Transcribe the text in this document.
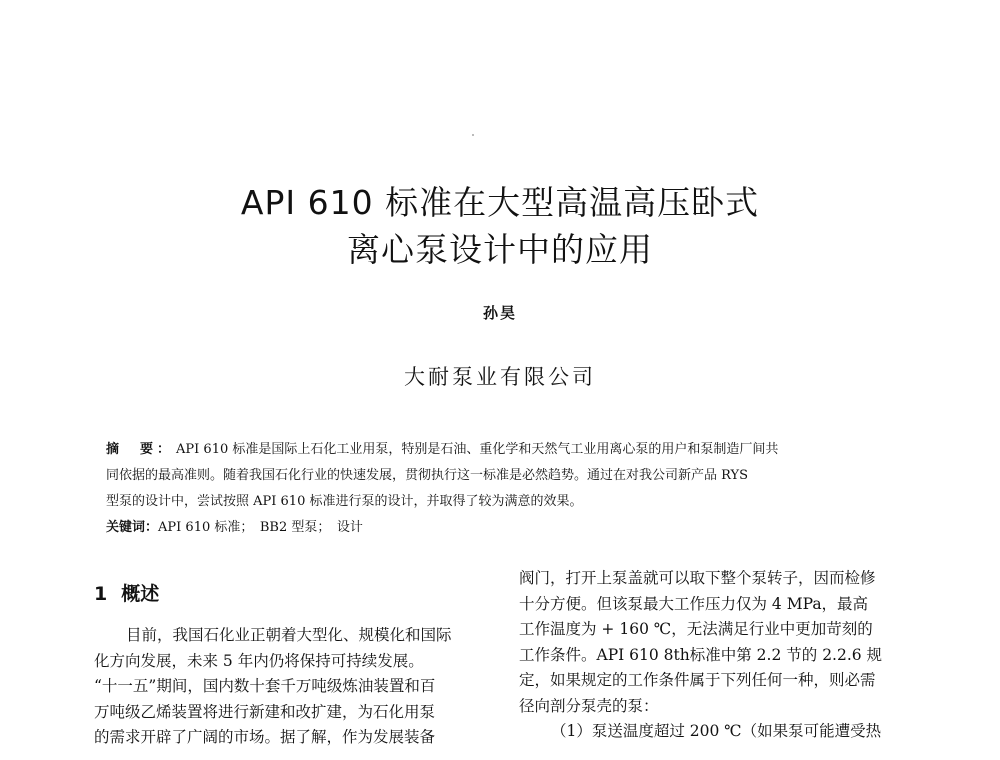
API 610 标准在大型高温高压卧式
离心泵设计中的应用
孙昊
大耐泵业有限公司
摘　要： API 610 标准是国际上石化工业用泵，特别是石油、重化学和天然气工业用离心泵的用户和泵制造厂间共
同依据的最高准则。随着我国石化行业的快速发展，贯彻执行这一标准是必然趋势。通过在对我公司新产品 RYS
型泵的设计中，尝试按照 API 610 标准进行泵的设计，并取得了较为满意的效果。
关键词：API 610 标准；　BB2 型泵；　设计
1 概述
目前，我国石化业正朝着大型化、规模化和国际
化方向发展，未来 5 年内仍将保持可持续发展。
“十一五”期间，国内数十套千万吨级炼油装置和百
万吨级乙烯装置将进行新建和改扩建，为石化用泵
的需求开辟了广阔的市场。据了解，作为发展装备
阀门，打开上泵盖就可以取下整个泵转子，因而检修
十分方便。但该泵最大工作压力仅为 4 MPa，最高
工作温度为 + 160 ℃，无法满足行业中更加苛刻的
工作条件。API 610 8th标准中第 2.2 节的 2.2.6 规
定，如果规定的工作条件属于下列任何一种，则必需
径向剖分泵壳的泵：
（1）泵送温度超过 200 ℃（如果泵可能遭受热
